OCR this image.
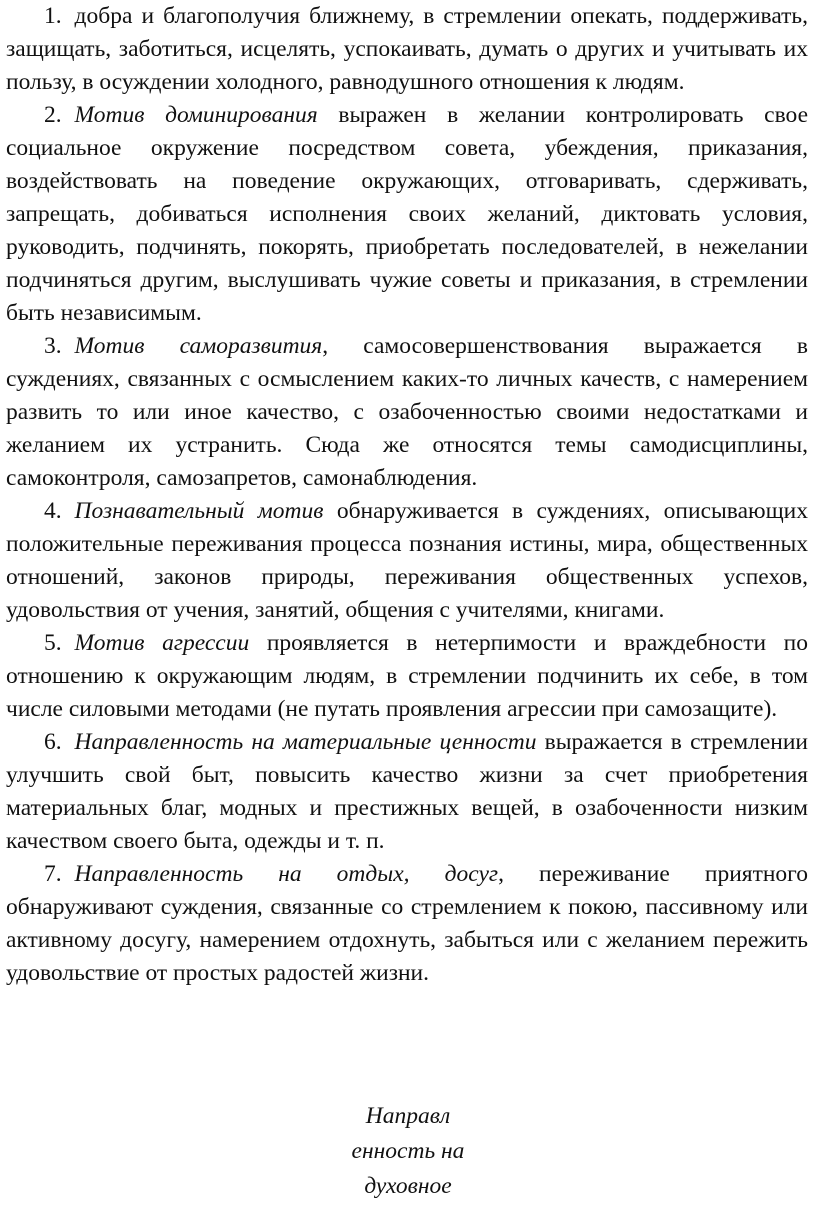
1. добра и благополучия ближнему, в стремлении опекать, поддерживать, защищать, заботиться, исцелять, успокаивать, думать о других и учитывать их пользу, в осуждении холодного, равнодушного отношения к людям.

2. Мотив доминирования выражен в желании контролировать свое социальное окружение посредством совета, убеждения, приказания, воздействовать на поведение окружающих, отговаривать, сдерживать, запрещать, добиваться исполнения своих желаний, диктовать условия, руководить, подчинять, покорять, приобретать последователей, в нежелании подчиняться другим, выслушивать чужие советы и приказания, в стремлении быть независимым.

3. Мотив саморазвития, самосовершенствования выражается в суждениях, связанных с осмыслением каких-то личных качеств, с намерением развить то или иное качество, с озабоченностью своими недостатками и желанием их устранить. Сюда же относятся темы самодисциплины, самоконтроля, самозапретов, самонаблюдения.

4. Познавательный мотив обнаруживается в суждениях, описывающих положительные переживания процесса познания истины, мира, общественных отношений, законов природы, переживания общественных успехов, удовольствия от учения, занятий, общения с учителями, книгами.

5. Мотив агрессии проявляется в нетерпимости и враждебности по отношению к окружающим людям, в стремлении подчинить их себе, в том числе силовыми методами (не путать проявления агрессии при самозащите).

6. Направленность на материальные ценности выражается в стремлении улучшить свой быт, повысить качество жизни за счет приобретения материальных благ, модных и престижных вещей, в озабоченности низким качеством своего быта, одежды и т. п.

7. Направленность на отдых, досуг, переживание приятного обнаруживают суждения, связанные со стремлением к покою, пассивному или активному досугу, намерением отдохнуть, забыться или с желанием пережить удовольствие от простых радостей жизни.

Направл
енность на
духовное
